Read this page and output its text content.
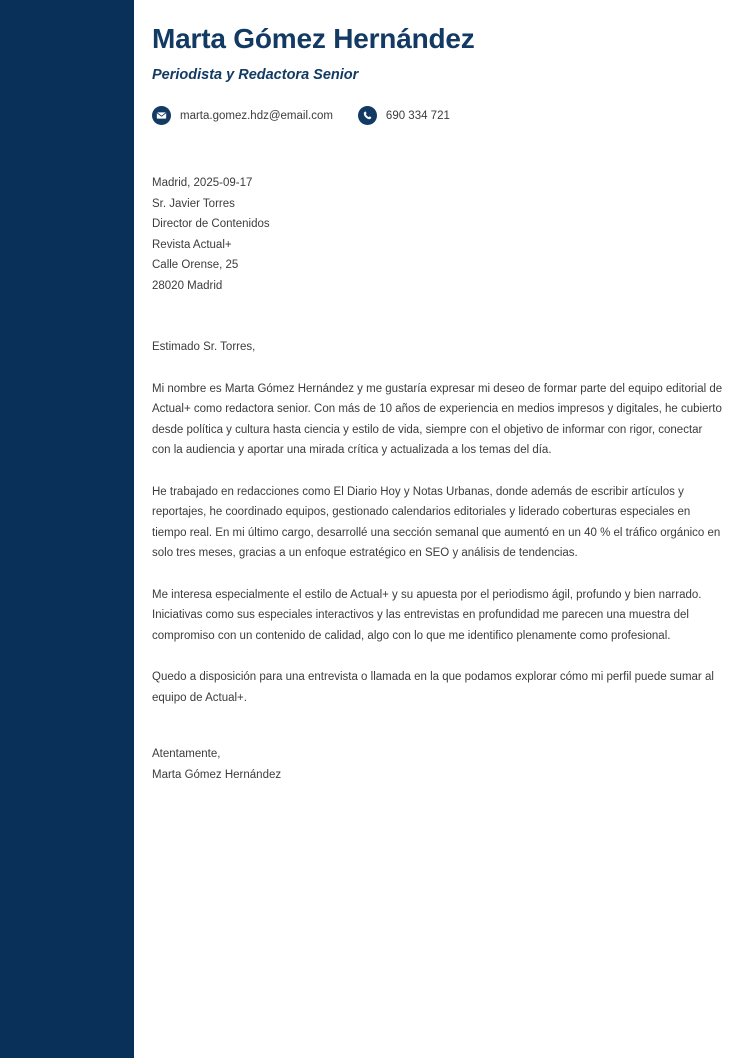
Marta Gómez Hernández
Periodista y Redactora Senior
marta.gomez.hdz@email.com	690 334 721
Madrid, 2025-09-17
Sr. Javier Torres
Director de Contenidos
Revista Actual+
Calle Orense, 25
28020 Madrid
Estimado Sr. Torres,

Mi nombre es Marta Gómez Hernández y me gustaría expresar mi deseo de formar parte del equipo editorial de Actual+ como redactora senior. Con más de 10 años de experiencia en medios impresos y digitales, he cubierto desde política y cultura hasta ciencia y estilo de vida, siempre con el objetivo de informar con rigor, conectar con la audiencia y aportar una mirada crítica y actualizada a los temas del día.

He trabajado en redacciones como El Diario Hoy y Notas Urbanas, donde además de escribir artículos y reportajes, he coordinado equipos, gestionado calendarios editoriales y liderado coberturas especiales en tiempo real. En mi último cargo, desarrollé una sección semanal que aumentó en un 40 % el tráfico orgánico en solo tres meses, gracias a un enfoque estratégico en SEO y análisis de tendencias.

Me interesa especialmente el estilo de Actual+ y su apuesta por el periodismo ágil, profundo y bien narrado. Iniciativas como sus especiales interactivos y las entrevistas en profundidad me parecen una muestra del compromiso con un contenido de calidad, algo con lo que me identifico plenamente como profesional.

Quedo a disposición para una entrevista o llamada en la que podamos explorar cómo mi perfil puede sumar al equipo de Actual+.

Atentamente,
Marta Gómez Hernández
